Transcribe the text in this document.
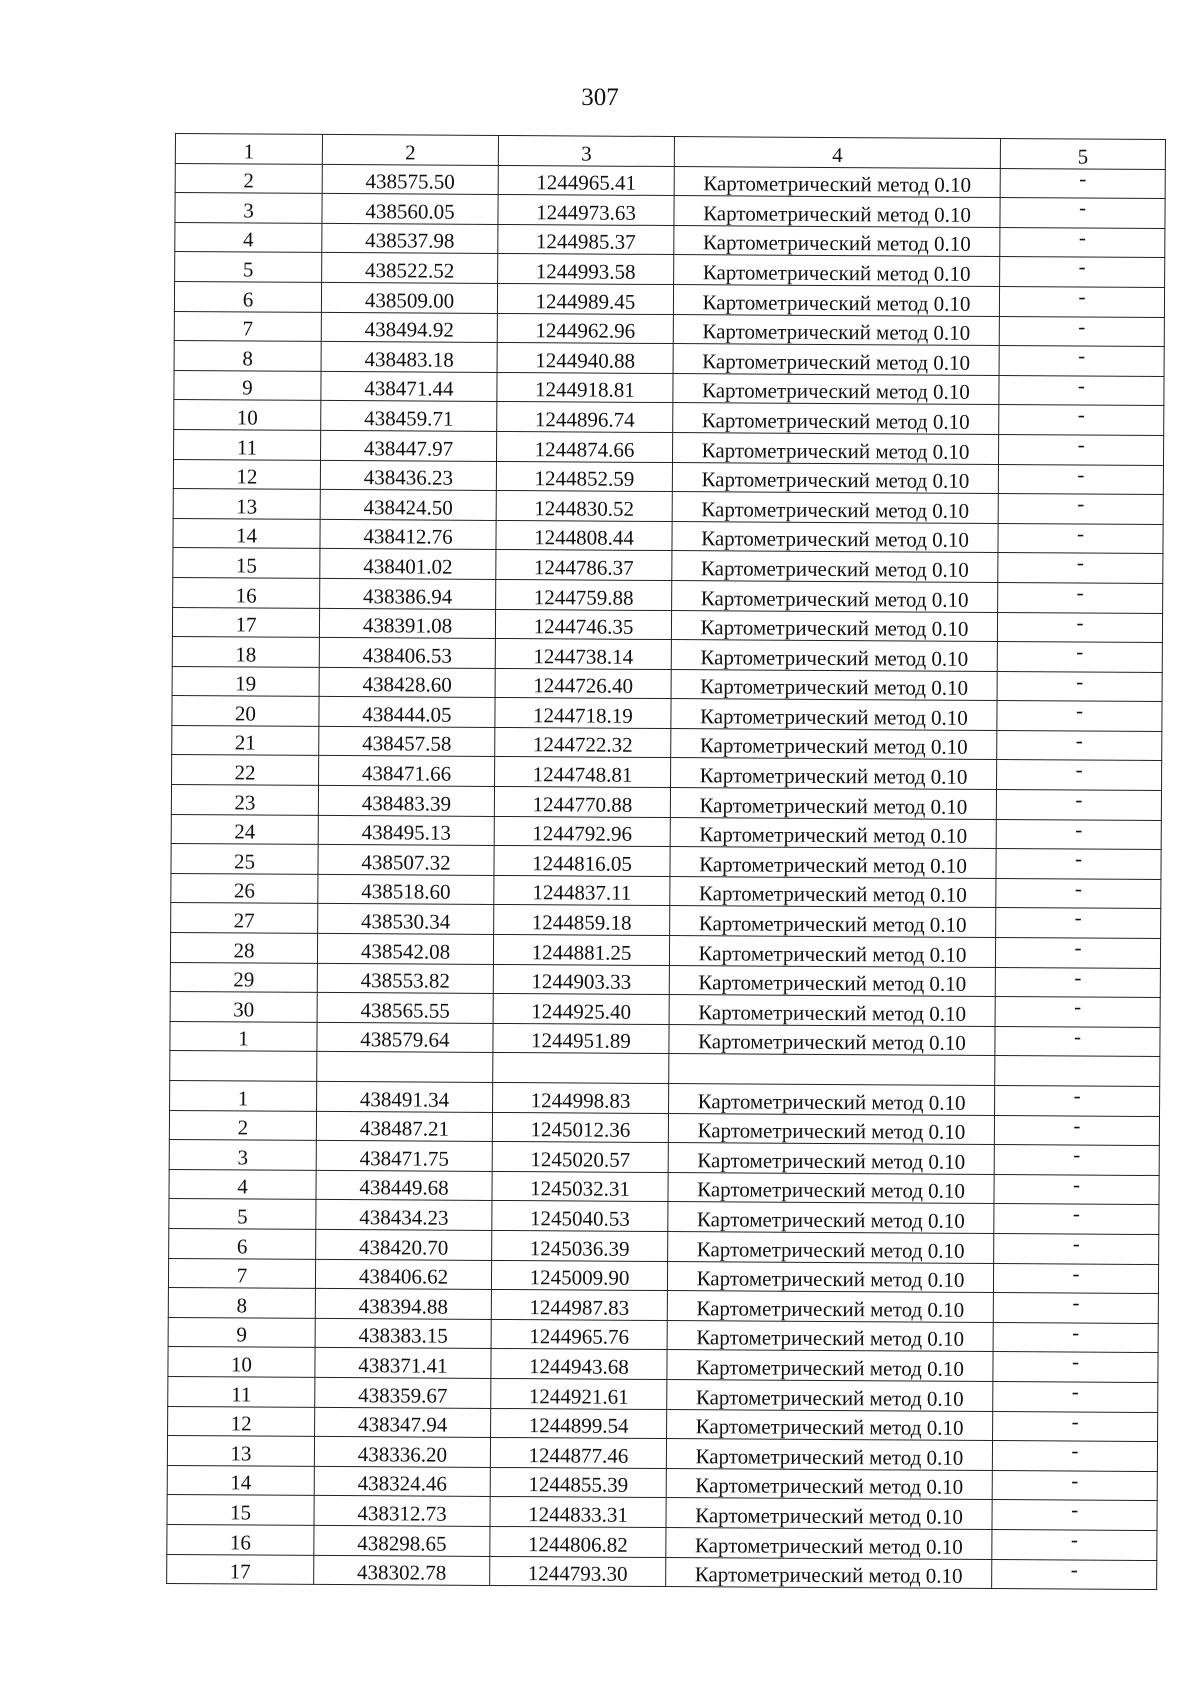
307
1	2	3	4	5
2	438575.50	1244965.41	Картометрический метод 0.10	-
3	438560.05	1244973.63	Картометрический метод 0.10	-
4	438537.98	1244985.37	Картометрический метод 0.10	-
5	438522.52	1244993.58	Картометрический метод 0.10	-
6	438509.00	1244989.45	Картометрический метод 0.10	-
7	438494.92	1244962.96	Картометрический метод 0.10	-
8	438483.18	1244940.88	Картометрический метод 0.10	-
9	438471.44	1244918.81	Картометрический метод 0.10	-
10	438459.71	1244896.74	Картометрический метод 0.10	-
11	438447.97	1244874.66	Картометрический метод 0.10	-
12	438436.23	1244852.59	Картометрический метод 0.10	-
13	438424.50	1244830.52	Картометрический метод 0.10	-
14	438412.76	1244808.44	Картометрический метод 0.10	-
15	438401.02	1244786.37	Картометрический метод 0.10	-
16	438386.94	1244759.88	Картометрический метод 0.10	-
17	438391.08	1244746.35	Картометрический метод 0.10	-
18	438406.53	1244738.14	Картометрический метод 0.10	-
19	438428.60	1244726.40	Картометрический метод 0.10	-
20	438444.05	1244718.19	Картометрический метод 0.10	-
21	438457.58	1244722.32	Картометрический метод 0.10	-
22	438471.66	1244748.81	Картометрический метод 0.10	-
23	438483.39	1244770.88	Картометрический метод 0.10	-
24	438495.13	1244792.96	Картометрический метод 0.10	-
25	438507.32	1244816.05	Картометрический метод 0.10	-
26	438518.60	1244837.11	Картометрический метод 0.10	-
27	438530.34	1244859.18	Картометрический метод 0.10	-
28	438542.08	1244881.25	Картометрический метод 0.10	-
29	438553.82	1244903.33	Картометрический метод 0.10	-
30	438565.55	1244925.40	Картометрический метод 0.10	-
1	438579.64	1244951.89	Картометрический метод 0.10	-

1	438491.34	1244998.83	Картометрический метод 0.10	-
2	438487.21	1245012.36	Картометрический метод 0.10	-
3	438471.75	1245020.57	Картометрический метод 0.10	-
4	438449.68	1245032.31	Картометрический метод 0.10	-
5	438434.23	1245040.53	Картометрический метод 0.10	-
6	438420.70	1245036.39	Картометрический метод 0.10	-
7	438406.62	1245009.90	Картометрический метод 0.10	-
8	438394.88	1244987.83	Картометрический метод 0.10	-
9	438383.15	1244965.76	Картометрический метод 0.10	-
10	438371.41	1244943.68	Картометрический метод 0.10	-
11	438359.67	1244921.61	Картометрический метод 0.10	-
12	438347.94	1244899.54	Картометрический метод 0.10	-
13	438336.20	1244877.46	Картометрический метод 0.10	-
14	438324.46	1244855.39	Картометрический метод 0.10	-
15	438312.73	1244833.31	Картометрический метод 0.10	-
16	438298.65	1244806.82	Картометрический метод 0.10	-
17	438302.78	1244793.30	Картометрический метод 0.10	-
